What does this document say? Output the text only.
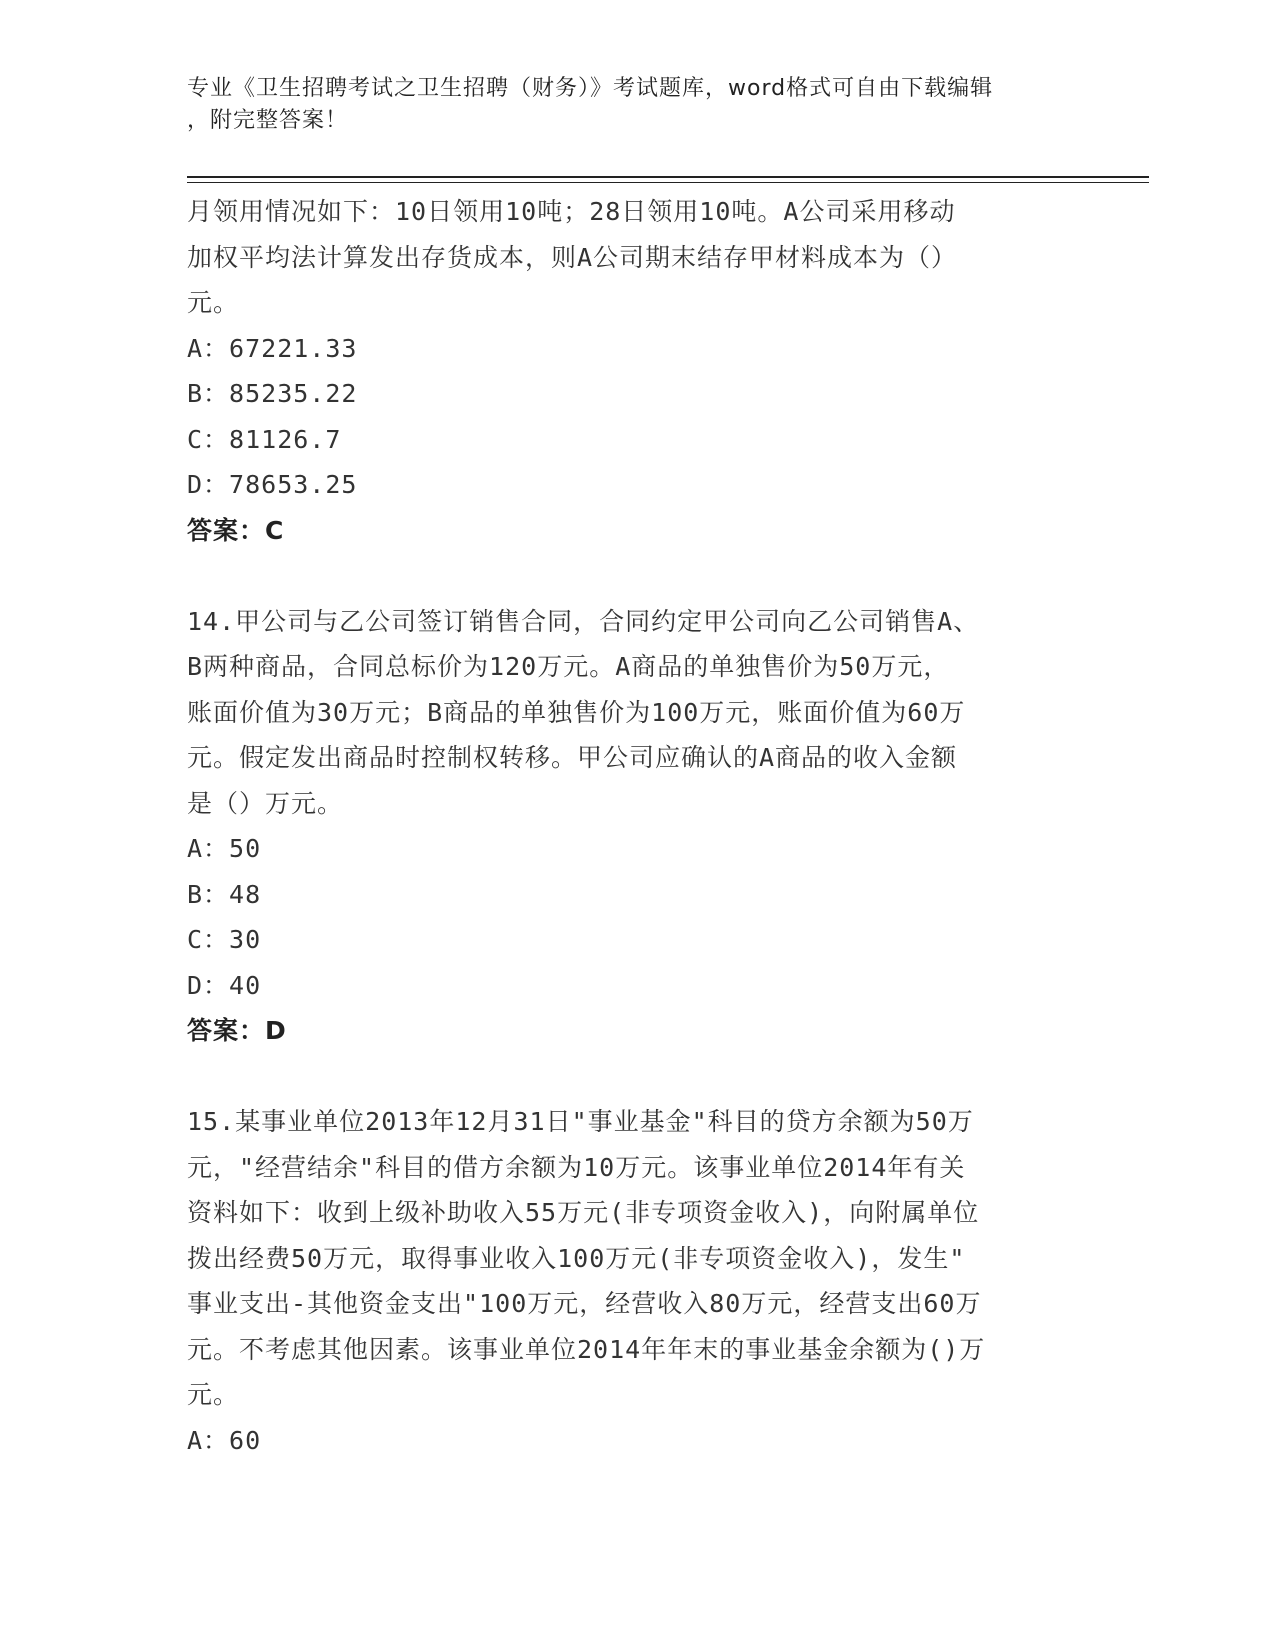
专业《卫生招聘考试之卫生招聘（财务）》考试题库，word格式可自由下载编辑
，附完整答案！
月领用情况如下：10日领用10吨；28日领用10吨。A公司采用移动
加权平均法计算发出存货成本，则A公司期末结存甲材料成本为（）
元。
A：67221.33
B：85235.22
C：81126.7
D：78653.25
答案：C
14.甲公司与乙公司签订销售合同，合同约定甲公司向乙公司销售A、
B两种商品，合同总标价为120万元。A商品的单独售价为50万元，
账面价值为30万元；B商品的单独售价为100万元，账面价值为60万
元。假定发出商品时控制权转移。甲公司应确认的A商品的收入金额
是（）万元。
A：50
B：48
C：30
D：40
答案：D
15.某事业单位2013年12月31日"事业基金"科目的贷方余额为50万
元，"经营结余"科目的借方余额为10万元。该事业单位2014年有关
资料如下：收到上级补助收入55万元(非专项资金收入)，向附属单位
拨出经费50万元，取得事业收入100万元(非专项资金收入)，发生"
事业支出-其他资金支出"100万元，经营收入80万元，经营支出60万
元。不考虑其他因素。该事业单位2014年年末的事业基金余额为()万
元。
A：60
